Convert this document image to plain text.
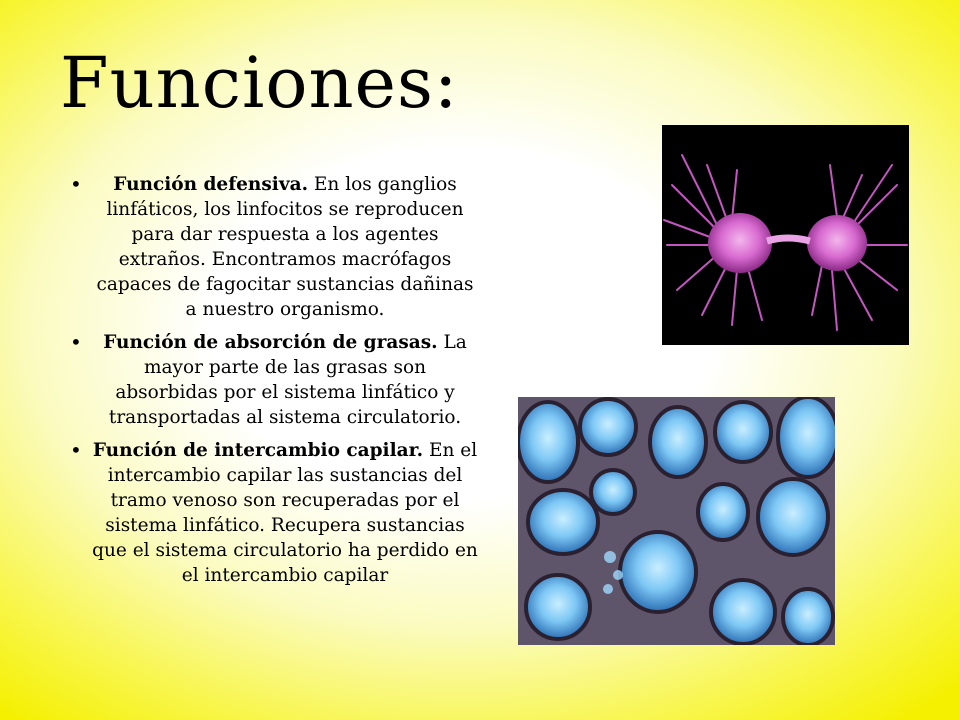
Funciones:
• Función defensiva. En los ganglios linfáticos, los linfocitos se reproducen para dar respuesta a los agentes extraños. Encontramos macrófagos capaces de fagocitar sustancias dañinas a nuestro organismo.
• Función de absorción de grasas. La mayor parte de las grasas son absorbidas por el sistema linfático y transportadas al sistema circulatorio.
• Función de intercambio capilar. En el intercambio capilar las sustancias del tramo venoso son recuperadas por el sistema linfático. Recupera sustancias que el sistema circulatorio ha perdido en el intercambio capilar
